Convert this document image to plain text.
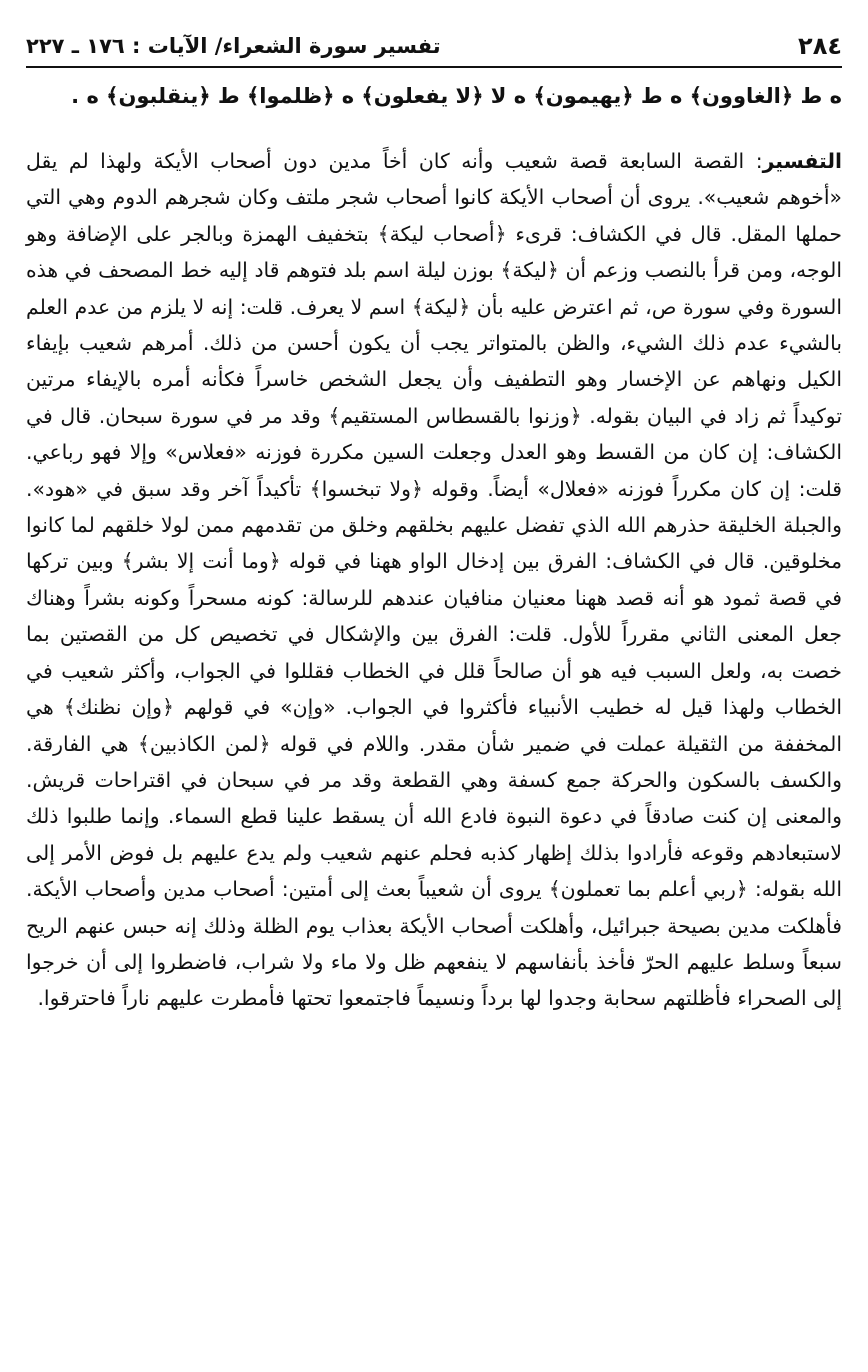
٢٨٤
تفسير سورة الشعراء/ الآيات : ١٧٦ ـ ٢٢٧
ه ط ﴿الغاوون﴾ ه ط ﴿يهيمون﴾ ه لا ﴿لا يفعلون﴾ ه ﴿ظلموا﴾ ط ﴿ينقلبون﴾ ه .

التفسير: القصة السابعة قصة شعيب وأنه كان أخاً مدين دون أصحاب الأيكة ولهذا لم يقل «أخوهم شعيب». يروى أن أصحاب الأيكة كانوا أصحاب شجر ملتف وكان شجرهم الدوم وهي التي حملها المقل. قال في الكشاف: قرىء ﴿أصحاب ليكة﴾ بتخفيف الهمزة وبالجر على الإضافة وهو الوجه، ومن قرأ بالنصب وزعم أن ﴿ليكة﴾ بوزن ليلة اسم بلد فتوهم قاد إليه خط المصحف في هذه السورة وفي سورة ص، ثم اعترض عليه بأن ﴿ليكة﴾ اسم لا يعرف. قلت: إنه لا يلزم من عدم العلم بالشيء عدم ذلك الشيء، والظن بالمتواتر يجب أن يكون أحسن من ذلك. أمرهم شعيب بإيفاء الكيل ونهاهم عن الإخسار وهو التطفيف وأن يجعل الشخص خاسراً فكأنه أمره بالإيفاء مرتين توكيداً ثم زاد في البيان بقوله. ﴿وزنوا بالقسطاس المستقيم﴾ وقد مر في سورة سبحان. قال في الكشاف: إن كان من القسط وهو العدل وجعلت السين مكررة فوزنه «فعلاس» وإلا فهو رباعي. قلت: إن كان مكرراً فوزنه «فعلال» أيضاً. وقوله ﴿ولا تبخسوا﴾ تأكيداً آخر وقد سبق في «هود». والجبلة الخليقة حذرهم الله الذي تفضل عليهم بخلقهم وخلق من تقدمهم ممن لولا خلقهم لما كانوا مخلوقين. قال في الكشاف: الفرق بين إدخال الواو ههنا في قوله ﴿وما أنت إلا بشر﴾ وبين تركها في قصة ثمود هو أنه قصد ههنا معنيان منافيان عندهم للرسالة: كونه مسحراً وكونه بشراً وهناك جعل المعنى الثاني مقرراً للأول. قلت: الفرق بين والإشكال في تخصيص كل من القصتين بما خصت به، ولعل السبب فيه هو أن صالحاً قلل في الخطاب فقللوا في الجواب، وأكثر شعيب في الخطاب ولهذا قيل له خطيب الأنبياء فأكثروا في الجواب. «وإن» في قولهم ﴿وإن نظنك﴾ هي المخففة من الثقيلة عملت في ضمير شأن مقدر. واللام في قوله ﴿لمن الكاذبين﴾ هي الفارقة. والكسف بالسكون والحركة جمع كسفة وهي القطعة وقد مر في سبحان في اقتراحات قريش. والمعنى إن كنت صادقاً في دعوة النبوة فادع الله أن يسقط علينا قطع السماء. وإنما طلبوا ذلك لاستبعادهم وقوعه فأرادوا بذلك إظهار كذبه فحلم عنهم شعيب ولم يدع عليهم بل فوض الأمر إلى الله بقوله: ﴿ربي أعلم بما تعملون﴾ يروى أن شعيباً بعث إلى أمتين: أصحاب مدين وأصحاب الأيكة. فأهلكت مدين بصيحة جبرائيل، وأهلكت أصحاب الأيكة بعذاب يوم الظلة وذلك إنه حبس عنهم الريح سبعاً وسلط عليهم الحرّ فأخذ بأنفاسهم لا ينفعهم ظل ولا ماء ولا شراب، فاضطروا إلى أن خرجوا إلى الصحراء فأظلتهم سحابة وجدوا لها برداً ونسيماً فاجتمعوا تحتها فأمطرت عليهم ناراً فاحترقوا.
